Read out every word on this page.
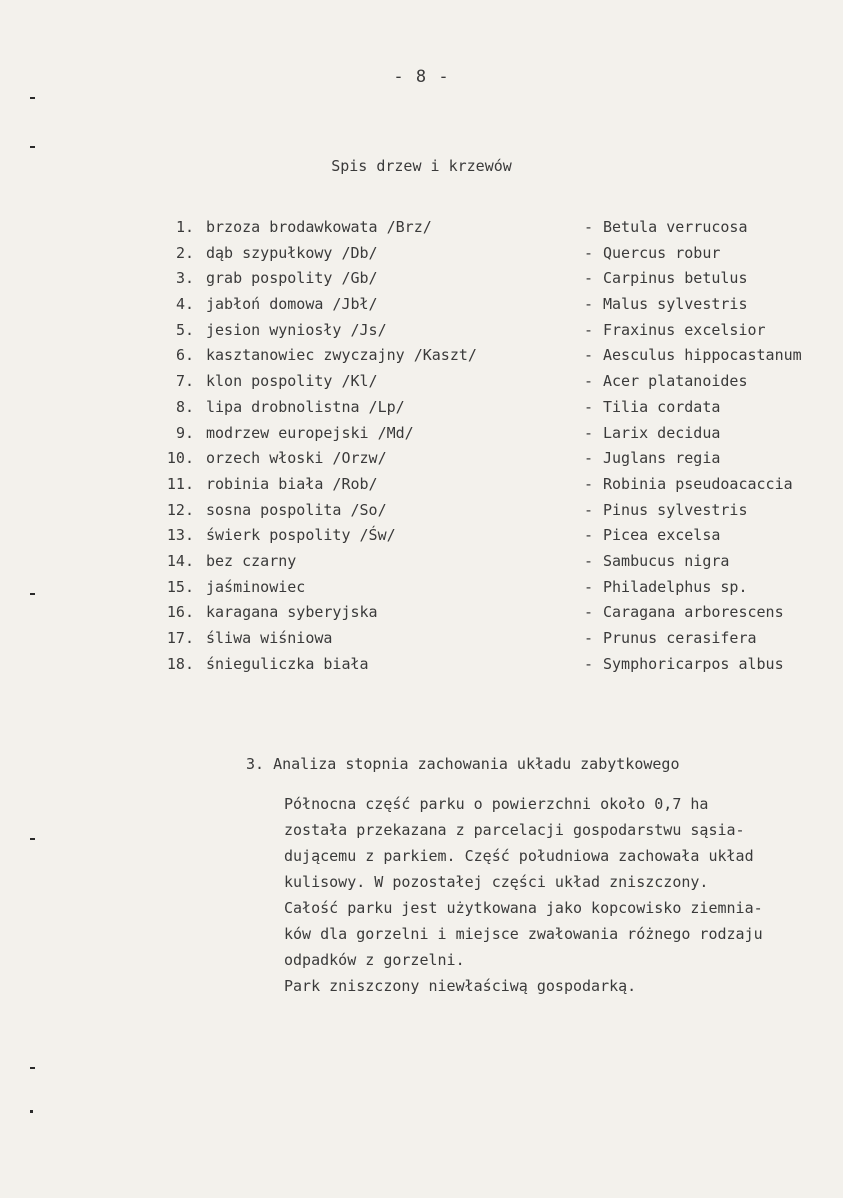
- 8 -
Spis drzew i krzewów
1. brzoza brodawkowata /Brz/	- Betula verrucosa
2. dąb szypułkowy /Db/	- Quercus robur
3. grab pospolity /Gb/	- Carpinus betulus
4. jabłoń domowa /Jbł/	- Malus sylvestris
5. jesion wyniosły /Js/	- Fraxinus excelsior
6. kasztanowiec zwyczajny /Kaszt/	- Aesculus hippocastanum
7. klon pospolity /Kl/	- Acer platanoides
8. lipa drobnolistna /Lp/	- Tilia cordata
9. modrzew europejski /Md/	- Larix decidua
10. orzech włoski /Orzw/	- Juglans regia
11. robinia biała /Rob/	- Robinia pseudoacaccia
12. sosna pospolita /So/	- Pinus sylvestris
13. świerk pospolity /Św/	- Picea excelsa
14. bez czarny	- Sambucus nigra
15. jaśminowiec	- Philadelphus sp.
16. karagana syberyjska	- Caragana arborescens
17. śliwa wiśniowa	- Prunus cerasifera
18. śnieguliczka biała	- Symphoricarpos albus
3. Analiza stopnia zachowania układu zabytkowego
Północna część parku o powierzchni około 0,7 ha
została przekazana z parcelacji gospodarstwu sąsia-
dującemu z parkiem. Część południowa zachowała układ
kulisowy. W pozostałej części układ zniszczony.
Całość parku jest użytkowana jako kopcowisko ziemnia-
ków dla gorzelni i miejsce zwałowania różnego rodzaju
odpadków z gorzelni.
Park zniszczony niewłaściwą gospodarką.
